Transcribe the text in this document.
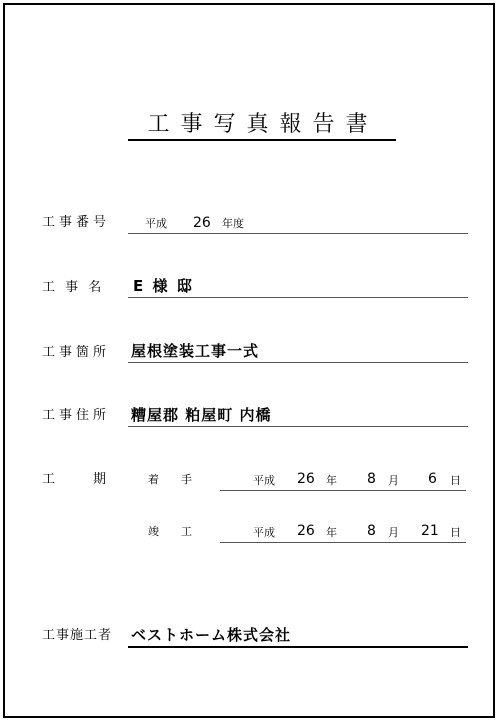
工事写真報告書
工事番号	平成 26 年度
工 事 名 E 様 邸
工事箇所 屋根塗装工事一式
工事住所 糟屋郡 粕屋町 内橋
工　　期	着　　手	平成 26 年 8 月 6 日
竣　　工	平成 26 年 8 月 21 日
工事施工者 ベストホーム株式会社
